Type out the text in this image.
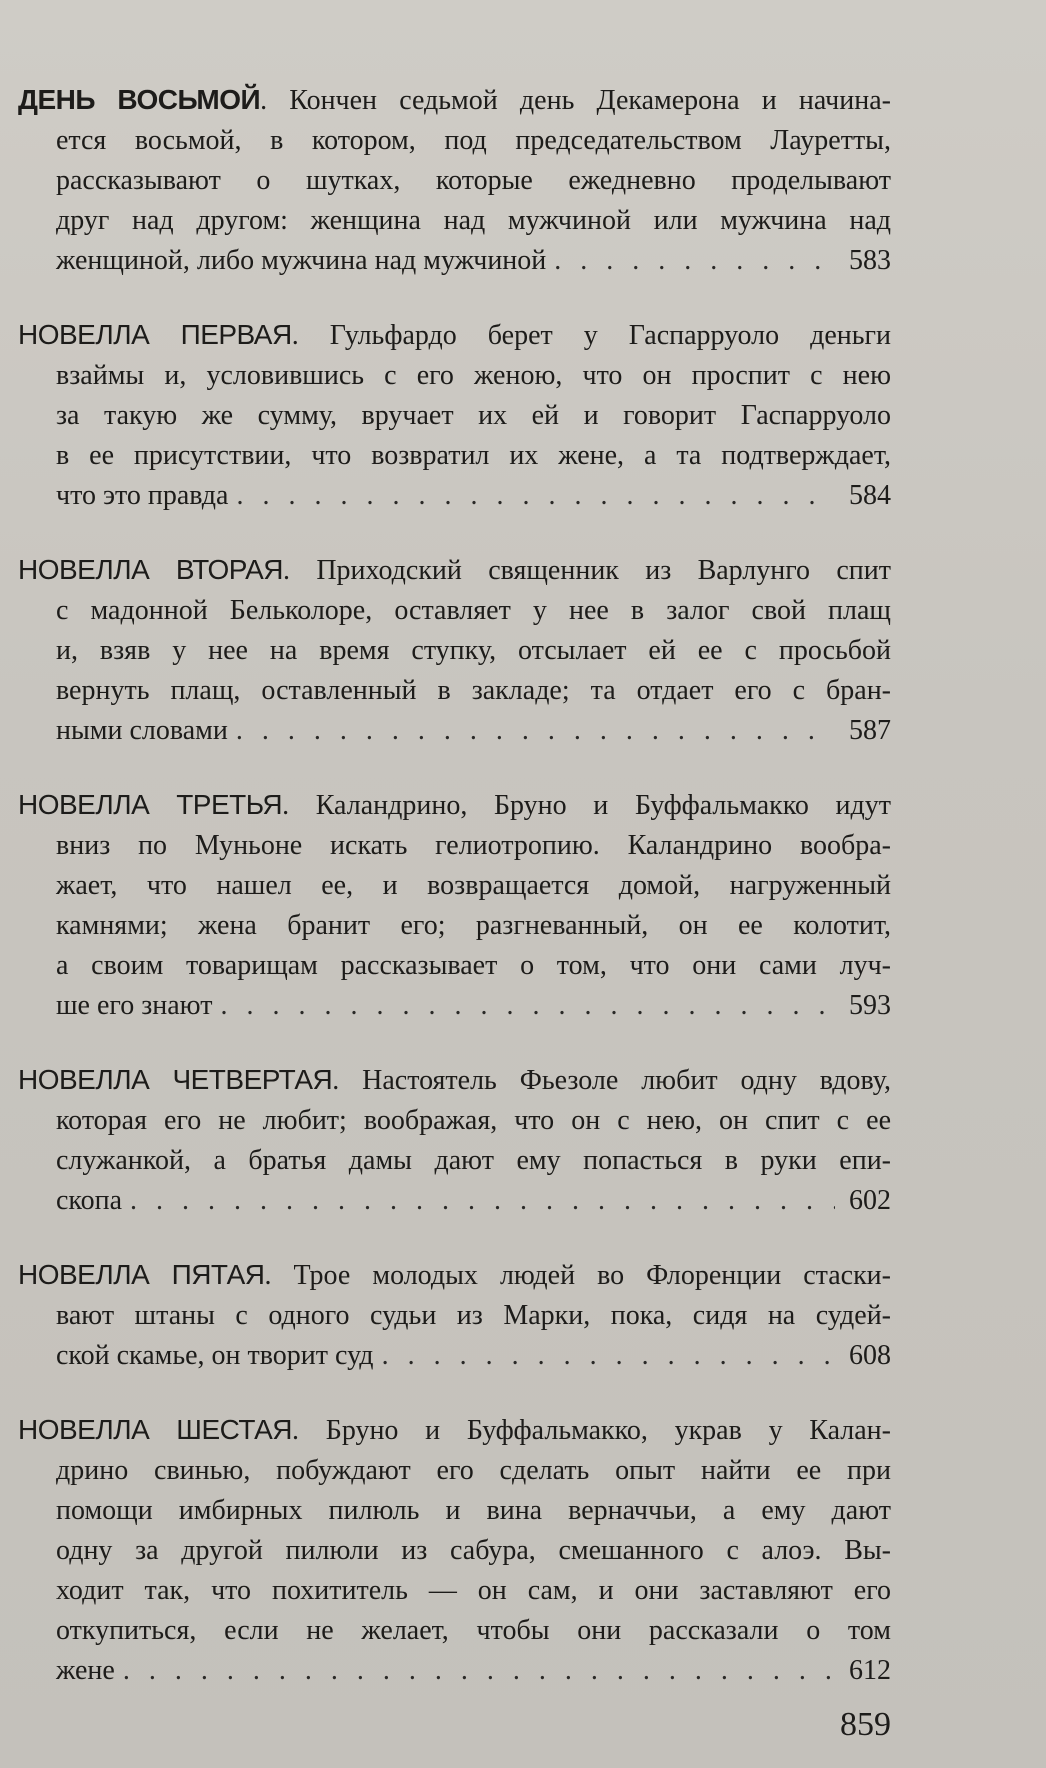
ДЕНЬ ВОСЬМОЙ. Кончен седьмой день Декамерона и начина-
ется восьмой, в котором, под председательством Лауретты,
рассказывают о шутках, которые ежедневно проделывают
друг над другом: женщина над мужчиной или мужчина над
женщиной, либо мужчина над мужчиной . . .	583
НОВЕЛЛА ПЕРВАЯ. Гульфардо берет у Гаспарруоло деньги
взаймы и, условившись с его женою, что он проспит с нею
за такую же сумму, вручает их ей и говорит Гаспарруоло
в ее присутствии, что возвратил их жене, а та подтверждает,
что это правда . . .	584
НОВЕЛЛА ВТОРАЯ. Приходский священник из Варлунго спит
с мадонной Бельколоре, оставляет у нее в залог свой плащ
и, взяв у нее на время ступку, отсылает ей ее с просьбой
вернуть плащ, оставленный в закладе; та отдает его с бран-
ными словами . . .	587
НОВЕЛЛА ТРЕТЬЯ. Каландрино, Бруно и Буффальмакко идут
вниз по Муньоне искать гелиотропию. Каландрино вообра-
жает, что нашел ее, и возвращается домой, нагруженный
камнями; жена бранит его; разгневанный, он ее колотит,
а своим товарищам рассказывает о том, что они сами луч-
ше его знают . . .	593
НОВЕЛЛА ЧЕТВЕРТАЯ. Настоятель Фьезоле любит одну вдову,
которая его не любит; воображая, что он с нею, он спит с ее
служанкой, а братья дамы дают ему попасться в руки епи-
скопа . . .	602
НОВЕЛЛА ПЯТАЯ. Трое молодых людей во Флоренции стаски-
вают штаны с одного судьи из Марки, пока, сидя на судей-
ской скамье, он творит суд . . .	608
НОВЕЛЛА ШЕСТАЯ. Бруно и Буффальмакко, украв у Калан-
дрино свинью, побуждают его сделать опыт найти ее при
помощи имбирных пилюль и вина верначчьи, а ему дают
одну за другой пилюли из сабура, смешанного с алоэ. Вы-
ходит так, что похититель — он сам, и они заставляют его
откупиться, если не желает, чтобы они рассказали о том
жене . . .	612
859
